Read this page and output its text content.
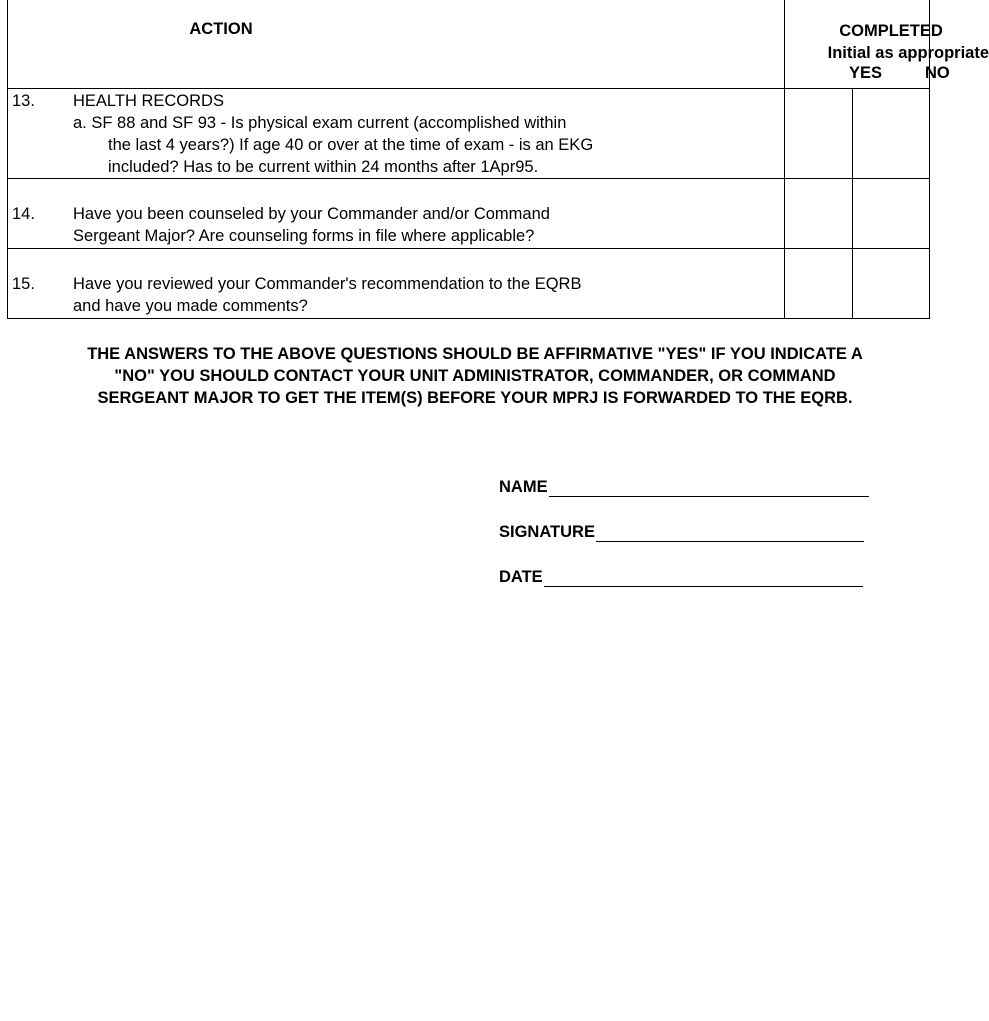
ACTION	COMPLETED
Initial as appropriate
YES NO	

13. HEALTH RECORDS
a. SF 88 and SF 93 - Is physical exam current (accomplished within

the last 4 years?) If age 40 or over at the time of exam - is an EKG
included? Has to be current within 24 months after 1Apr95.		

14. Have you been counseled by your Commander and/or Command
Sergeant Major? Are counseling forms in file where applicable?		

15. Have you reviewed your Commander's recommendation to the EQRB
and have you made comments?		

THE ANSWERS TO THE ABOVE QUESTIONS SHOULD BE AFFIRMATIVE "YES" IF YOU INDICATE A
"NO" YOU SHOULD CONTACT YOUR UNIT ADMINISTRATOR, COMMANDER, OR COMMAND
SERGEANT MAJOR TO GET THE ITEM(S) BEFORE YOUR MPRJ IS FORWARDED TO THE EQRB.
NAME
SIGNATURE
DATE
